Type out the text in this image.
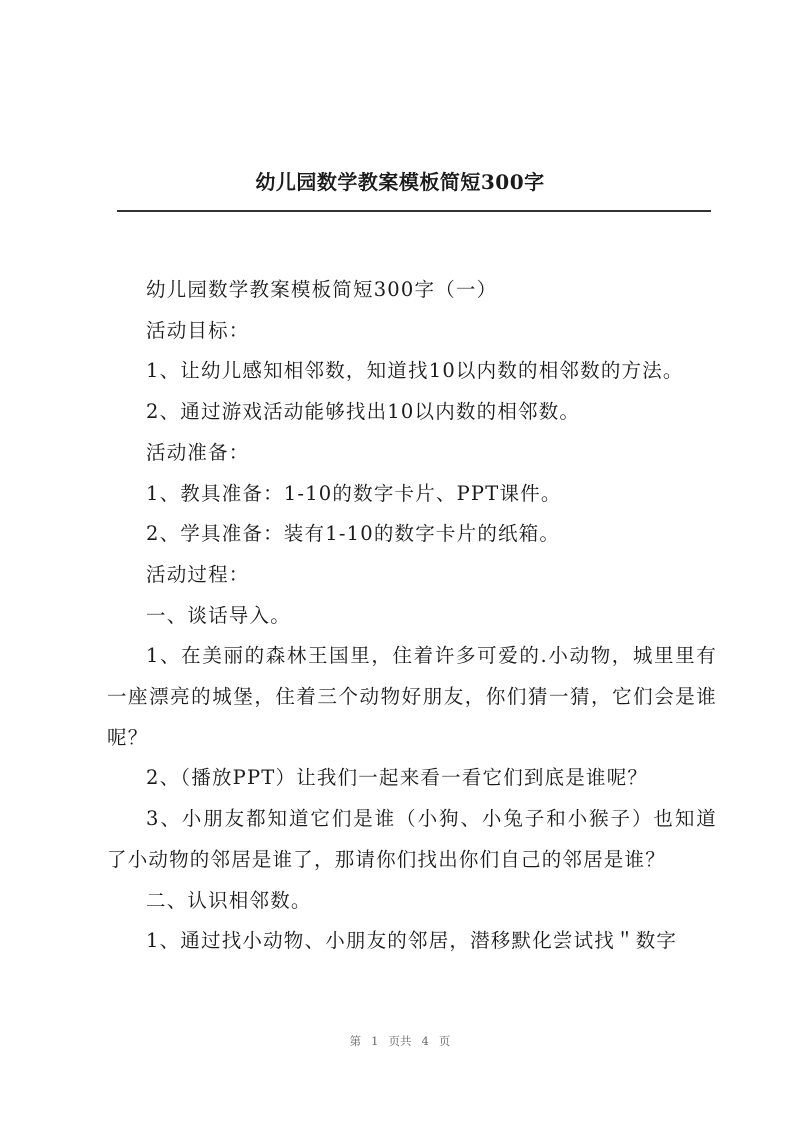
幼儿园数学教案模板简短300字

幼儿园数学教案模板简短300字（一）

活动目标：

1、让幼儿感知相邻数，知道找10以内数的相邻数的方法。

2、通过游戏活动能够找出10以内数的相邻数。

活动准备：

1、教具准备：1-10的数字卡片、PPT课件。

2、学具准备：装有1-10的数字卡片的纸箱。

活动过程：

一、谈话导入。

1、在美丽的森林王国里，住着许多可爱的.小动物，城里里有一座漂亮的城堡，住着三个动物好朋友，你们猜一猜，它们会是谁呢？

2、（播放PPT）让我们一起来看一看它们到底是谁呢？

3、小朋友都知道它们是谁（小狗、小兔子和小猴子）也知道了小动物的邻居是谁了，那请你们找出你们自己的邻居是谁？

二、认识相邻数。

1、通过找小动物、小朋友的邻居，潜移默化尝试找＂数字

第 1 页共 4 页
